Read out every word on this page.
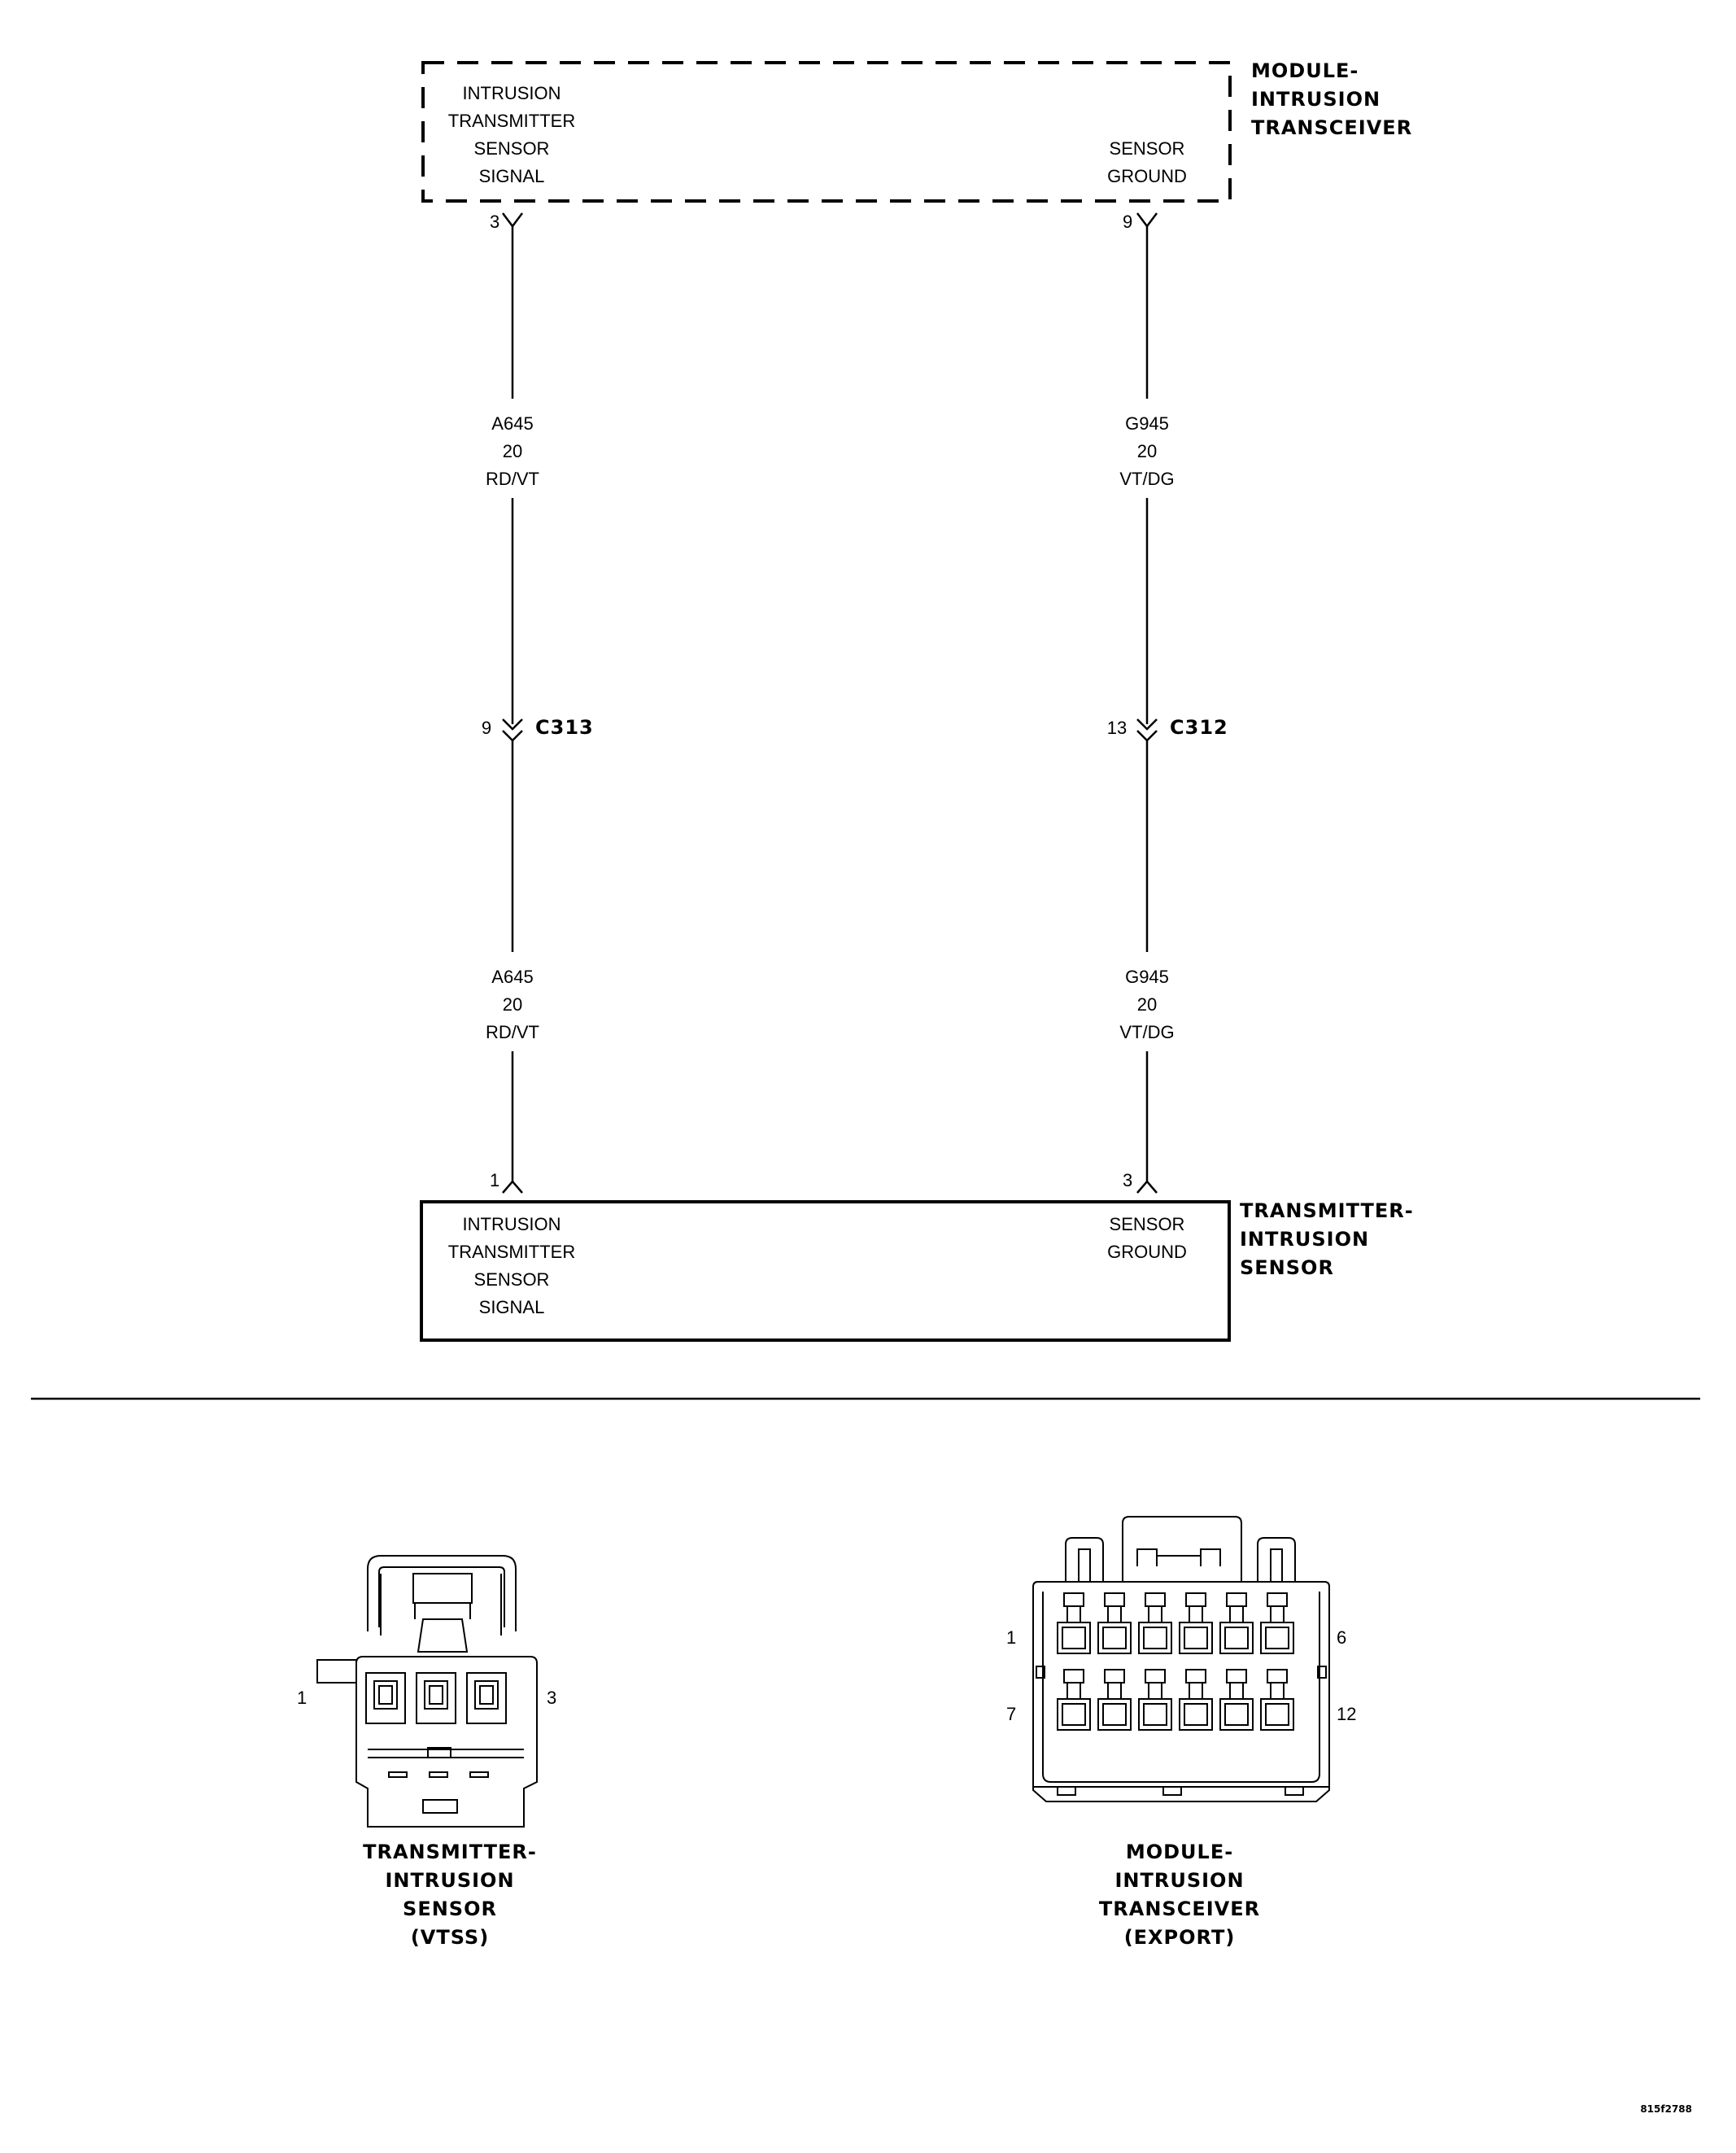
INTRUSION
TRANSMITTER
SENSOR
SIGNAL
SENSOR
GROUND
MODULE-
INTRUSION
TRANSCEIVER
3	9
A645
20
RD/VT
G945
20
VT/DG
9 C313	13 C312
A645
20
RD/VT
G945
20
VT/DG
1	3
INTRUSION
TRANSMITTER
SENSOR
SIGNAL
SENSOR
GROUND
TRANSMITTER-
INTRUSION
SENSOR
1	3
TRANSMITTER-
INTRUSION
SENSOR
(VTSS)
1	6
7	12
MODULE-
INTRUSION
TRANSCEIVER
(EXPORT)
815f2788
